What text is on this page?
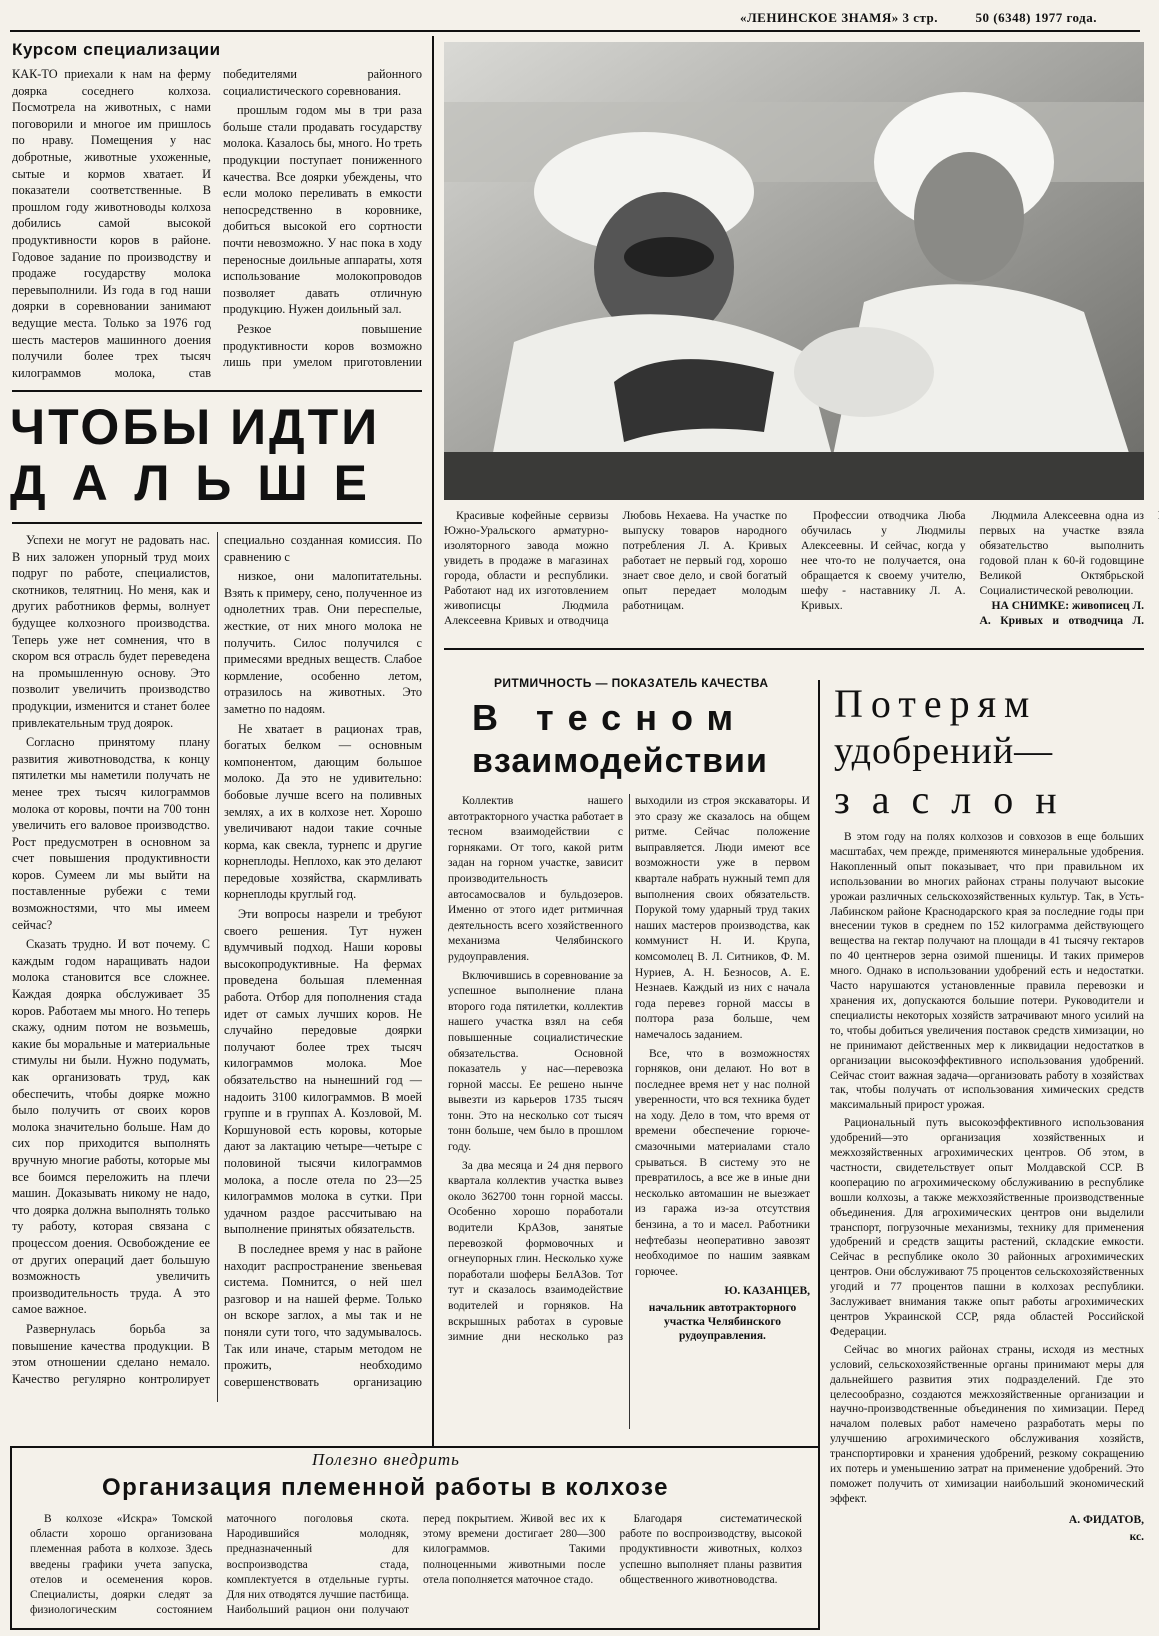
«ЛЕНИНСКОЕ ЗНАМЯ» 3 стр.	50 (6348) 1977 года.
Курсом специализации

КАК-ТО приехали к нам на ферму доярка соседнего колхоза. Посмотрела на животных, с нами поговорили и многое им пришлось по нраву. Помещения у нас добротные, животные ухоженные, сытые и кормов хватает. И показатели соответственные. В прошлом году животноводы колхоза добились самой высокой продуктивности коров в районе. Годовое задание по производству и продаже государству молока перевыполнили. Из года в год наши доярки в соревновании занимают ведущие места. Только за 1976 год шесть мастеров машинного доения получили более трех тысяч килограммов молока, став победителями районного социалистического соревнования.

прошлым годом мы в три раза больше стали продавать государству молока. Казалось бы, много. Но треть продукции поступает пониженного качества. Все доярки убеждены, что если молоко переливать в емкости непосредственно в коровнике, добиться высокой его сортности почти невозможно. У нас пока в ходу переносные доильные аппараты, хотя использование молокопроводов позволяет давать отличную продукцию. Нужен доильный зал.

Резкое повышение продуктивности коров возможно лишь при умелом приготовлении

ЧТОБЫ ИДТИ
ДАЛЬШЕ

Успехи не могут не радовать нас. В них заложен упорный труд моих подруг по работе, специалистов, скотников, телятниц. Но меня, как и других работников фермы, волнует будущее колхозного производства. Теперь уже нет сомнения, что в скором вся отрасль будет переведена на промышленную основу. Это позволит увеличить производство продукции, изменится и станет более привлекательным труд доярок.

Согласно принятому плану развития животноводства, к концу пятилетки мы наметили получать не менее трех тысяч килограммов молока от коровы, почти на 700 тонн увеличить его валовое производство. Рост предусмотрен в основном за счет повышения продуктивности коров. Сумеем ли мы выйти на поставленные рубежи с теми возможностями, что мы имеем сейчас?

Сказать трудно. И вот почему. С каждым годом наращивать надои молока становится все сложнее. Каждая доярка обслуживает 35 коров. Работаем мы много. Но теперь скажу, одним потом не возьмешь, какие бы моральные и материальные стимулы ни были. Нужно подумать, как организовать труд, как обеспечить, чтобы доярке можно было получить от своих коров молока значительно больше. Нам до сих пор приходится выполнять вручную многие работы, которые мы все боимся переложить на плечи машин. Доказывать никому не надо, что доярка должна выполнять только ту работу, которая связана с процессом доения. Освобождение ее от других операций дает большую возможность увеличить производительность труда. А это самое важное.

Развернулась борьба за повышение качества продукции. В этом отношении сделано немало. Качество регулярно контролирует специально созданная комиссия. По сравнению с

низкое, они малопитательны. Взять к примеру, сено, полученное из однолетних трав. Они переспелые, жесткие, от них много молока не получить. Силос получился с примесями вредных веществ. Слабое кормление, особенно летом, отразилось на животных. Это заметно по надоям.

Не хватает в рационах трав, богатых белком — основным компонентом, дающим большое молоко. Да это не удивительно: бобовые лучше всего на поливных землях, а их в колхозе нет. Хорошо увеличивают надои такие сочные корма, как свекла, турнепс и другие корнеплоды. Неплохо, как это делают передовые хозяйства, скармливать корнеплоды круглый год.

Эти вопросы назрели и требуют своего решения. Тут нужен вдумчивый подход. Наши коровы высокопродуктивные. На фермах проведена большая племенная работа. Отбор для пополнения стада идет от самых лучших коров. Не случайно передовые доярки получают более трех тысяч килограммов молока. Мое обязательство на нынешний год — надоить 3100 килограммов. В моей группе и в группах А. Козловой, М. Коршуновой есть коровы, которые дают за лактацию четыре—четыре с половиной тысячи килограммов молока, а после отела по 23—25 килограммов молока в сутки. При удачном раздое рассчитываю на выполнение принятых обязательств.

В последнее время у нас в районе находит распространение звеньевая система. Помнится, о ней шел разговор и на нашей ферме. Только он вскоре заглох, а мы так и не поняли сути того, что задумывалось. Так или иначе, старым методом не прожить, необходимо совершенствовать организацию

Красивые кофейные сервизы Южно-Уральского арматурно-изоляторного завода можно увидеть в продаже в магазинах города, области и республики. Работают над их изготовлением живописцы Людмила Алексеевна Кривых и отводчица Любовь Нехаева. На участке по выпуску товаров народного потребления Л. А. Кривых работает не первый год, хорошо знает свое дело, и свой богатый опыт передает молодым работницам.
Профессии отводчика Люба обучилась у Людмилы Алексеевны. И сейчас, когда у нее что-то не получается, она обращается к своему учителю, шефу - наставнику Л. А. Кривых.
Людмила Алексеевна одна из первых на участке взяла обязательство выполнить годовой план к 60-й годовщине Великой Октябрьской Социалистической революции.
НА СНИМКЕ: живописец Л. А. Кривых и отводчица Л.
РИТМИЧНОСТЬ — ПОКАЗАТЕЛЬ КАЧЕСТВА
В тесном
взаимодействии

Коллектив нашего автотракторного участка работает в тесном взаимодействии с горняками. От того, какой ритм задан на горном участке, зависит производительность автосамосвалов и бульдозеров. Именно от этого идет ритмичная деятельность всего хозяйственного механизма Челябинского рудоуправления.

Включившись в соревнование за успешное выполнение плана второго года пятилетки, коллектив нашего участка взял на себя повышенные социалистические обязательства. Основной показатель у нас—перевозка горной массы. Ее решено нынче вывезти из карьеров 1735 тысяч тонн. Это на несколько сот тысяч тонн больше, чем было в прошлом году.

За два месяца и 24 дня первого квартала коллектив участка вывез около 362700 тонн горной массы. Особенно хорошо поработали водители КрАЗов, занятые перевозкой формовочных и огнеупорных глин. Несколько хуже поработали шоферы БелАЗов. Тот тут и сказалось взаимодействие водителей и горняков. На вскрышных работах в суровые зимние дни несколько раз выходили из строя экскаваторы. И это сразу же сказалось на общем ритме. Сейчас положение выправляется. Люди имеют все возможности уже в первом квартале набрать нужный темп для выполнения своих обязательств. Порукой тому ударный труд таких наших мастеров производства, как коммунист Н. И. Крупа, комсомолец В. Л. Ситников, Ф. М. Нуриев, А. Н. Безносов, А. Е. Незнаев. Каждый из них с начала года перевез горной массы в полтора раза больше, чем намечалось заданием.

Все, что в возможностях горняков, они делают. Но вот в последнее время нет у нас полной уверенности, что вся техника будет на ходу. Дело в том, что время от времени обеспечение горюче-смазочными материалами стало срываться. В систему это не превратилось, а все же в иные дни несколько автомашин не выезжает из гаража из-за отсутствия бензина, а то и масел. Работники нефтебазы неоперативно завозят необходимое по нашим заявкам горючее.

Ю. КАЗАНЦЕВ,

начальник автотракторного участка Челябинского рудоуправления.

Потерям
удобрений—
заслон

В этом году на полях колхозов и совхозов в еще больших масштабах, чем прежде, применяются минеральные удобрения. Накопленный опыт показывает, что при правильном их использовании во многих районах страны получают высокие урожаи различных сельскохозяйственных культур. Так, в Усть-Лабинском районе Краснодарского края за последние годы при внесении туков в среднем по 152 килограмма действующего вещества на гектар получают на площади в 41 тысячу гектаров по 40 центнеров зерна озимой пшеницы. И таких примеров много. Однако в использовании удобрений есть и недостатки. Часто нарушаются установленные правила перевозки и хранения их, допускаются большие потери. Руководители и специалисты некоторых хозяйств затрачивают много усилий на то, чтобы добиться увеличения поставок средств химизации, но не принимают действенных мер к ликвидации недостатков в организации высокоэффективного использования удобрений. Сейчас стоит важная задача—организовать работу в хозяйствах так, чтобы получать от использования химических средств максимальный прирост урожая.

Рациональный путь высокоэффективного использования удобрений—это организация хозяйственных и межхозяйственных агрохимических центров. Об этом, в частности, свидетельствует опыт Молдавской ССР. В кооперацию по агрохимическому обслуживанию в республике вошли колхозы, а также межхозяйственные производственные объединения. Для агрохимических центров они выделили транспорт, погрузочные механизмы, технику для применения удобрений и средств защиты растений, складские емкости. Сейчас в республике около 30 районных агрохимических центров. Они обслуживают 75 процентов сельскохозяйственных угодий и 77 процентов пашни в колхозах республики. Заслуживает внимания также опыт работы агрохимических центров Украинской ССР, ряда областей Российской Федерации.

Сейчас во многих районах страны, исходя из местных условий, сельскохозяйственные органы принимают меры для дальнейшего развития этих подразделений. Где это целесообразно, создаются межхозяйственные организации и научно-производственные объединения по химизации. Перед началом полевых работ намечено разработать меры по улучшению агрохимического обслуживания хозяйств, транспортировки и хранения удобрений, резкому сокращению их потерь и уменьшению затрат на применение удобрений. Это поможет получить от химизации наибольший экономический эффект.

А. ФИДАТОВ,

кс.

Полезно внедрить
Организация племенной работы в колхозе

В колхозе «Искра» Томской области хорошо организована племенная работа в колхозе. Здесь введены графики учета запуска, отелов и осеменения коров. Специалисты, доярки следят за физиологическим состоянием маточного поголовья скота. Народившийся молодняк, предназначенный для воспроизводства стада, комплектуется в отдельные гурты. Для них отводятся лучшие пастбища. Наибольший рацион они получают перед покрытием. Живой вес их к этому времени достигает 280—300 килограммов. Такими полноценными животными после отела пополняется маточное стадо.

Благодаря систематической работе по воспроизводству, высокой продуктивности животных, колхоз успешно выполняет планы развития общественного животноводства.
